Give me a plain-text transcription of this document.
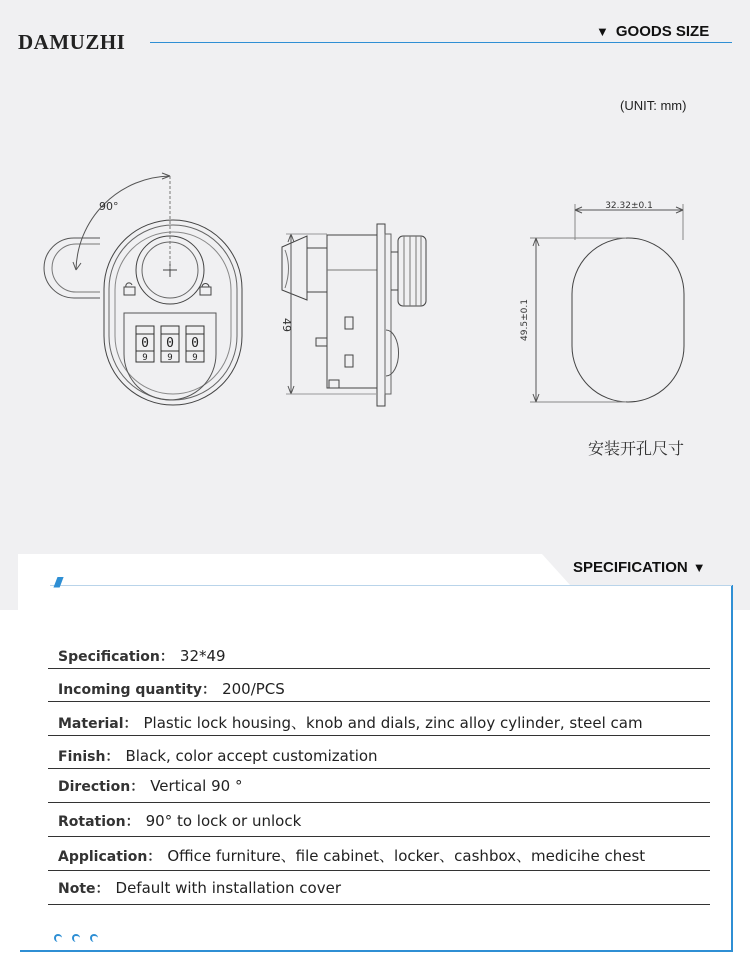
DAMUZHI	▼ GOODS SIZE
(UNIT: mm)
90°
0 0 0
9 9 9
49
32.32±0.1
49.5±0.1
安装开孔尺寸
SPECIFICATION ▼
//////
Specification： 32*49
Incoming quantity： 200/PCS
Material： Plastic lock housing、knob and dials, zinc alloy cylinder, steel cam
Finish： Black, color accept customization
Direction： Vertical 90 °
Rotation： 90° to lock or unlock
Application： Office furniture、file cabinet、locker、cashbox、medicihe chest
Note： Default with installation cover
